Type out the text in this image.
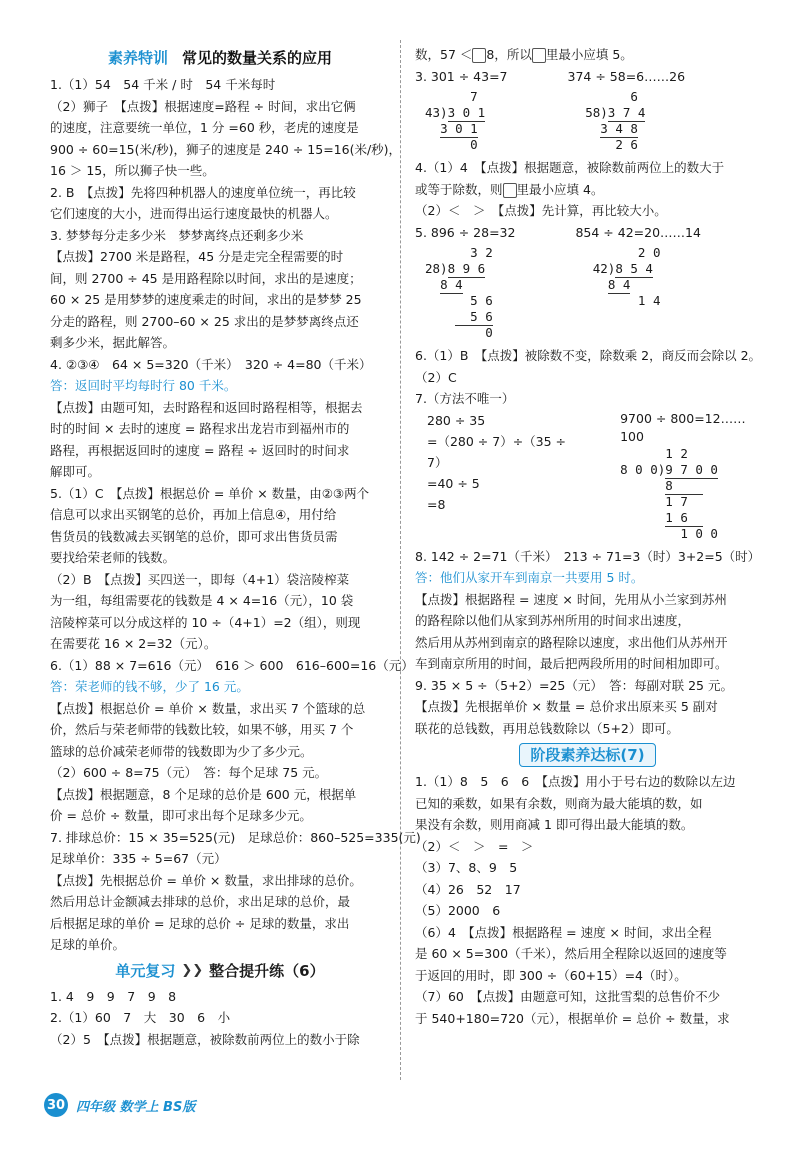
素养特训 常见的数量关系的应用
1.（1）54　54 千米 / 时　54 千米每时
（2）狮子　【点拨】根据速度=路程 ÷ 时间，求出它俩
的速度，注意要统一单位，1 分 =60 秒，老虎的速度是
900 ÷ 60=15(米/秒)，狮子的速度是 240 ÷ 15=16(米/秒)，
16 ＞ 15，所以狮子快一些。
2. B　【点拨】先将四种机器人的速度单位统一，再比较
它们速度的大小，进而得出运行速度最快的机器人。
3. 梦梦每分走多少米　梦梦离终点还剩多少米
【点拨】2700 米是路程，45 分是走完全程需要的时
间，则 2700 ÷ 45 是用路程除以时间，求出的是速度；
60 × 25 是用梦梦的速度乘走的时间，求出的是梦梦 25
分走的路程，则 2700–60 × 25 求出的是梦梦离终点还
剩多少米，据此解答。
4. ②③④　64 × 5=320（千米）　320 ÷ 4=80（千米）
答：返回时平均每时行 80 千米。
【点拨】由题可知，去时路程和返回时路程相等，根据去
时的时间 × 去时的速度 = 路程求出龙岩市到福州市的
路程，再根据返回时的速度 = 路程 ÷ 返回时的时间求
解即可。
5.（1）C　【点拨】根据总价 = 单价 × 数量，由②③两个
信息可以求出买钢笔的总价，再加上信息④，用付给
售货员的钱数减去买钢笔的总价，即可求出售货员需
要找给荣老师的钱数。
（2）B　【点拨】买四送一，即每（4+1）袋涪陵榨菜
为一组，每组需要花的钱数是 4 × 4=16（元），10 袋
涪陵榨菜可以分成这样的 10 ÷（4+1）=2（组），则现
在需要花 16 × 2=32（元）。
6.（1）88 × 7=616（元）　616 ＞ 600　616–600=16（元）
答：荣老师的钱不够，少了 16 元。
【点拨】根据总价 = 单价 × 数量，求出买 7 个篮球的总
价，然后与荣老师带的钱数比较，如果不够，用买 7 个
篮球的总价减荣老师带的钱数即为少了多少元。
（2）600 ÷ 8=75（元）　答：每个足球 75 元。
【点拨】根据题意，8 个足球的总价是 600 元，根据单
价 = 总价 ÷ 数量，即可求出每个足球多少元。
7. 排球总价：15 × 35=525(元)　足球总价：860–525=335(元)
足球单价：335 ÷ 5=67（元）
【点拨】先根据总价 = 单价 × 数量，求出排球的总价。
然后用总计金额减去排球的总价，求出足球的总价，最
后根据足球的单价 = 足球的总价 ÷ 足球的数量，求出
足球的单价。
单元复习 ❯❯ 整合提升练（6）
1. 4　9　9　7　9　8
2.（1）60　7　大　30　6　小
（2）5　【点拨】根据题意，被除数前两位上的数小于除
数，57 ＜ 8，所以 里最小应填 5。
3. 301 ÷ 43=7	374 ÷ 58=6……26
7
43)3 0 1
3 0 1
0
6
58)3 7 4
3 4 8
2 6
4.（1）4　【点拨】根据题意，被除数前两位上的数大于
或等于除数，则 里最小应填 4。
（2）＜　＞　【点拨】先计算，再比较大小。
5. 896 ÷ 28=32	854 ÷ 42=20……14
3 2
28)8 9 6
8 4
5 6
5 6
0
2 0
42)8 5 4
8 4
1 4
6.（1）B　【点拨】被除数不变，除数乘 2，商反而会除以 2。
（2）C
7.（方法不唯一）
280 ÷ 35
=（280 ÷ 7）÷（35 ÷ 7）
=40 ÷ 5
=8
9700 ÷ 800=12……100
1 2
8 0 0)9 7 0 0
8
1 7
1 6
1 0 0
8. 142 ÷ 2=71（千米）　213 ÷ 71=3（时）3+2=5（时）
答：他们从家开车到南京一共要用 5 时。
【点拨】根据路程 = 速度 × 时间，先用从小兰家到苏州
的路程除以他们从家到苏州所用的时间求出速度，
然后用从苏州到南京的路程除以速度，求出他们从苏州开
车到南京所用的时间，最后把两段所用的时间相加即可。
9. 35 × 5 ÷（5+2）=25（元）　答：每副对联 25 元。
【点拨】先根据单价 × 数量 = 总价求出原来买 5 副对
联花的总钱数，再用总钱数除以（5+2）即可。
阶段素养达标(7)
1.（1）8　5　6　6　【点拨】用小于号右边的数除以左边
已知的乘数，如果有余数，则商为最大能填的数，如
果没有余数，则用商减 1 即可得出最大能填的数。
（2）＜　＞　=　＞
（3）7、8、9　5
（4）26　52　17
（5）2000　6
（6）4　【点拨】根据路程 = 速度 × 时间，求出全程
是 60 × 5=300（千米），然后用全程除以返回的速度等
于返回的用时，即 300 ÷（60+15）=4（时）。
（7）60　【点拨】由题意可知，这批雪梨的总售价不少
于 540+180=720（元），根据单价 = 总价 ÷ 数量，求
30 四年级 数学上 BS版
